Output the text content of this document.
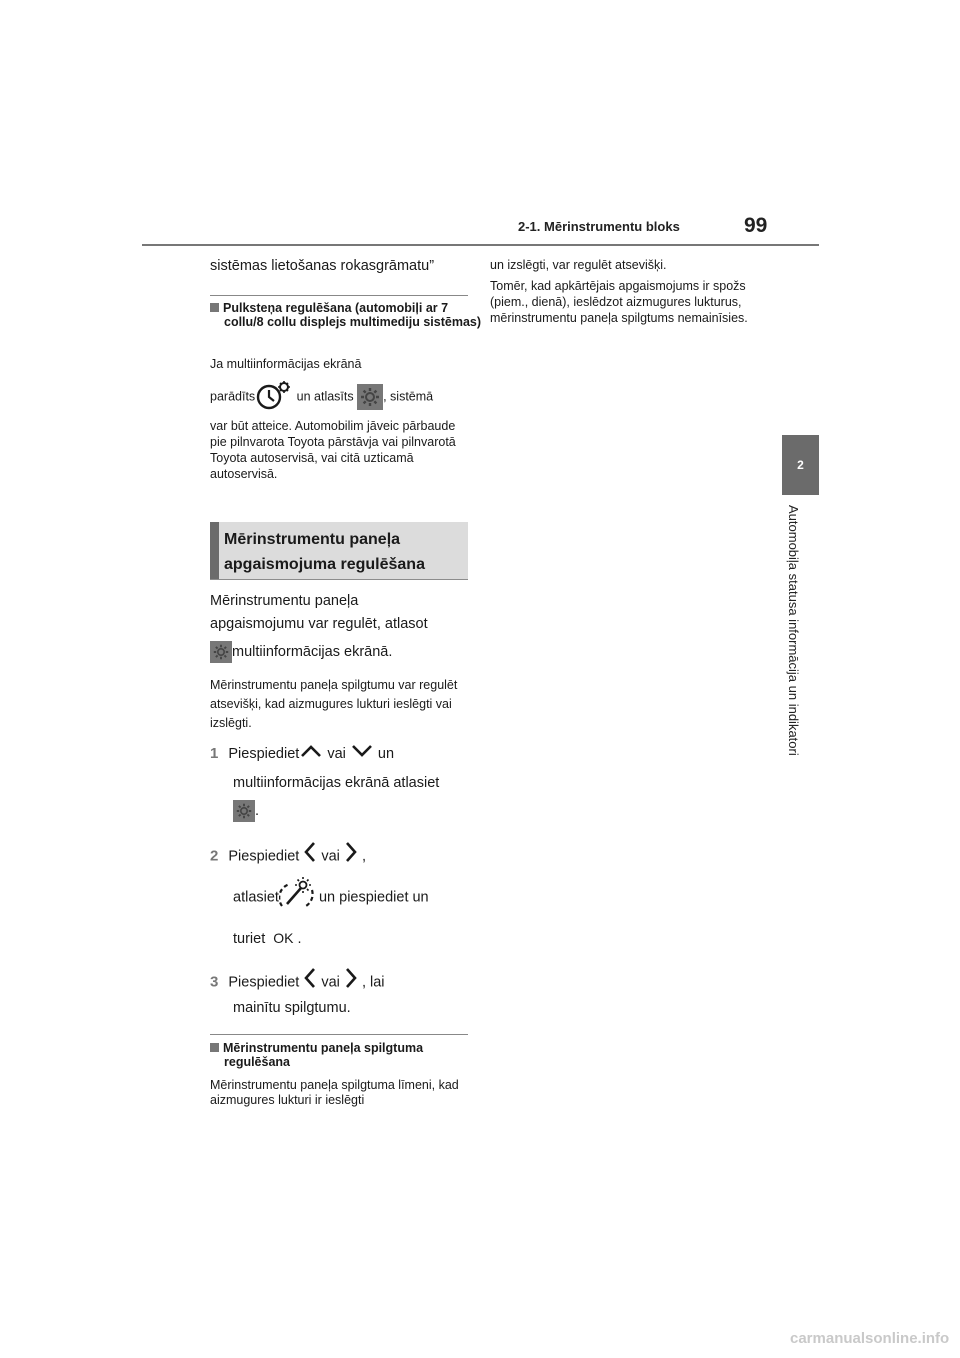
2-1. Mērinstrumentu bloks	99
2
Automobiļa statusa informācija un indikatori
sistēmas lietošanas rokasgrāmatu”
Pulksteņa regulēšana (automobiļi ar 7 collu/8 collu displejs multimediju sistēmas)
Ja multiinformācijas ekrānā
parādīts	un atlasīts
, sistēmā
var būt atteice. Automobilim jāveic pārbaude pie pilnvarota Toyota pārstāvja vai pilnvarotā Toyota autoservisā, vai citā uzticamā autoservisā.
Mērinstrumentu paneļa
apgaismojuma regulēšana
Mērinstrumentu paneļa
apgaismojumu var regulēt, atlasot
multiinformācijas ekrānā.
Mērinstrumentu paneļa spilgtumu var regulēt atsevišķi, kad aizmugures lukturi ieslēgti vai izslēgti.
1 Piespiediet vai  un
multiinformācijas ekrānā atlasiet
.
2 Piespiediet  vai  ,
atlasiet un piespiediet un
turiet OK .
3 Piespiediet  vai  , lai
mainītu spilgtumu.
Mērinstrumentu paneļa spilgtuma regulēšana
Mērinstrumentu paneļa spilgtuma līmeni, kad aizmugures lukturi ir ieslēgti
un izslēgti, var regulēt atsevišķi.
Tomēr, kad apkārtējais apgaismojums ir spožs (piem., dienā), ieslēdzot aizmugures lukturus, mērinstrumentu paneļa spilgtums nemainīsies.
carmanualsonline.info
